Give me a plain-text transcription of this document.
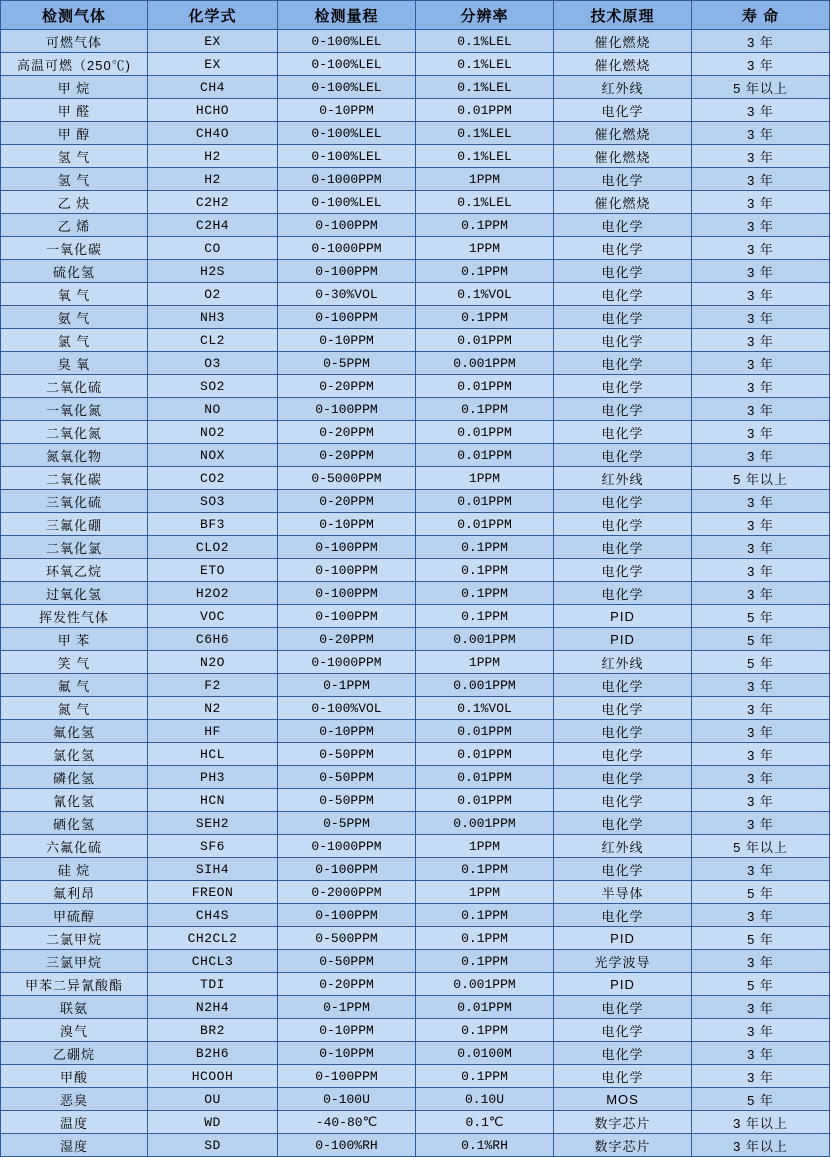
检测气体	化学式	检测量程	分辨率	技术原理	寿 命
可燃气体	EX	0-100%LEL	0.1%LEL	催化燃烧	3 年
高温可燃（250℃)	EX	0-100%LEL	0.1%LEL	催化燃烧	3 年
甲 烷	CH4	0-100%LEL	0.1%LEL	红外线	5 年以上
甲 醛	HCHO	0-10PPM	0.01PPM	电化学	3 年
甲 醇	CH4O	0-100%LEL	0.1%LEL	催化燃烧	3 年
氢 气	H2	0-100%LEL	0.1%LEL	催化燃烧	3 年
氢 气	H2	0-1000PPM	1PPM	电化学	3 年
乙 炔	C2H2	0-100%LEL	0.1%LEL	催化燃烧	3 年
乙 烯	C2H4	0-100PPM	0.1PPM	电化学	3 年
一氧化碳	CO	0-1000PPM	1PPM	电化学	3 年
硫化氢	H2S	0-100PPM	0.1PPM	电化学	3 年
氧 气	O2	0-30%VOL	0.1%VOL	电化学	3 年
氨 气	NH3	0-100PPM	0.1PPM	电化学	3 年
氯 气	CL2	0-10PPM	0.01PPM	电化学	3 年
臭 氧	O3	0-5PPM	0.001PPM	电化学	3 年
二氧化硫	SO2	0-20PPM	0.01PPM	电化学	3 年
一氧化氮	NO	0-100PPM	0.1PPM	电化学	3 年
二氧化氮	NO2	0-20PPM	0.01PPM	电化学	3 年
氮氧化物	NOX	0-20PPM	0.01PPM	电化学	3 年
二氧化碳	CO2	0-5000PPM	1PPM	红外线	5 年以上
三氧化硫	SO3	0-20PPM	0.01PPM	电化学	3 年
三氟化硼	BF3	0-10PPM	0.01PPM	电化学	3 年
二氧化氯	CLO2	0-100PPM	0.1PPM	电化学	3 年
环氧乙烷	ETO	0-100PPM	0.1PPM	电化学	3 年
过氧化氢	H2O2	0-100PPM	0.1PPM	电化学	3 年
挥发性气体	VOC	0-100PPM	0.1PPM	PID	5 年
甲 苯	C6H6	0-20PPM	0.001PPM	PID	5 年
笑 气	N2O	0-1000PPM	1PPM	红外线	5 年
氟 气	F2	0-1PPM	0.001PPM	电化学	3 年
氮 气	N2	0-100%VOL	0.1%VOL	电化学	3 年
氟化氢	HF	0-10PPM	0.01PPM	电化学	3 年
氯化氢	HCL	0-50PPM	0.01PPM	电化学	3 年
磷化氢	PH3	0-50PPM	0.01PPM	电化学	3 年
氰化氢	HCN	0-50PPM	0.01PPM	电化学	3 年
硒化氢	SEH2	0-5PPM	0.001PPM	电化学	3 年
六氟化硫	SF6	0-1000PPM	1PPM	红外线	5 年以上
硅 烷	SIH4	0-100PPM	0.1PPM	电化学	3 年
氟利昂	FREON	0-2000PPM	1PPM	半导体	5 年
甲硫醇	CH4S	0-100PPM	0.1PPM	电化学	3 年
二氯甲烷	CH2CL2	0-500PPM	0.1PPM	PID	5 年
三氯甲烷	CHCL3	0-50PPM	0.1PPM	光学波导	3 年
甲苯二异氰酸酯	TDI	0-20PPM	0.001PPM	PID	5 年
联氨	N2H4	0-1PPM	0.01PPM	电化学	3 年
溴气	BR2	0-10PPM	0.1PPM	电化学	3 年
乙硼烷	B2H6	0-10PPM	0.0100M	电化学	3 年
甲酸	HCOOH	0-100PPM	0.1PPM	电化学	3 年
恶臭	OU	0-100U	0.10U	MOS	5 年
温度	WD	-40-80℃	0.1℃	数字芯片	3 年以上
湿度	SD	0-100%RH	0.1%RH	数字芯片	3 年以上
